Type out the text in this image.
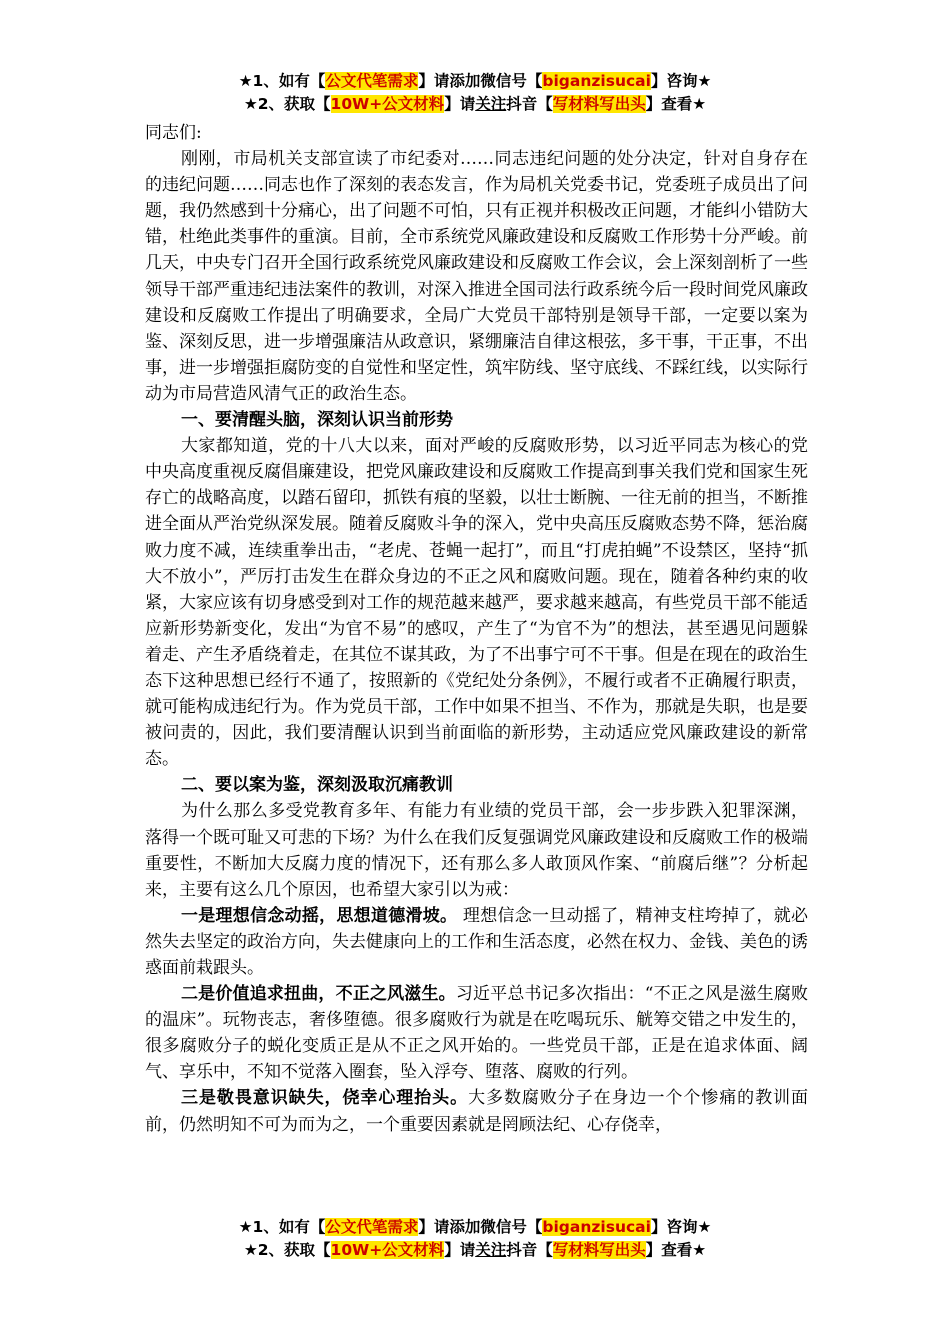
★1、如有【公文代笔需求】请添加微信号【biganzisucai】咨询★
★2、获取【10W+公文材料】请关注抖音【写材料写出头】查看★

同志们:

刚刚，市局机关支部宣读了市纪委对……同志违纪问题的处分决定，针对自身存在的违纪问题……同志也作了深刻的表态发言，作为局机关党委书记，党委班子成员出了问题，我仍然感到十分痛心，出了问题不可怕，只有正视并积极改正问题，才能纠小错防大错，杜绝此类事件的重演。目前，全市系统党风廉政建设和反腐败工作形势十分严峻。前几天，中央专门召开全国行政系统党风廉政建设和反腐败工作会议，会上深刻剖析了一些领导干部严重违纪违法案件的教训，对深入推进全国司法行政系统今后一段时间党风廉政建设和反腐败工作提出了明确要求，全局广大党员干部特别是领导干部，一定要以案为鉴、深刻反思，进一步增强廉洁从政意识，紧绷廉洁自律这根弦，多干事，干正事，不出事，进一步增强拒腐防变的自觉性和坚定性，筑牢防线、坚守底线、不踩红线，以实际行动为市局营造风清气正的政治生态。

一、要清醒头脑，深刻认识当前形势

大家都知道，党的十八大以来，面对严峻的反腐败形势，以习近平同志为核心的党中央高度重视反腐倡廉建设，把党风廉政建设和反腐败工作提高到事关我们党和国家生死存亡的战略高度，以踏石留印，抓铁有痕的坚毅，以壮士断腕、一往无前的担当，不断推进全面从严治党纵深发展。随着反腐败斗争的深入，党中央高压反腐败态势不降，惩治腐败力度不减，连续重拳出击，“老虎、苍蝇一起打”，而且“打虎拍蝇”不设禁区，坚持“抓大不放小”，严厉打击发生在群众身边的不正之风和腐败问题。现在，随着各种约束的收紧，大家应该有切身感受到对工作的规范越来越严，要求越来越高，有些党员干部不能适应新形势新变化，发出“为官不易”的感叹，产生了“为官不为”的想法，甚至遇见问题躲着走、产生矛盾绕着走，在其位不谋其政，为了不出事宁可不干事。但是在现在的政治生态下这种思想已经行不通了，按照新的《党纪处分条例》，不履行或者不正确履行职责，就可能构成违纪行为。作为党员干部，工作中如果不担当、不作为，那就是失职，也是要被问责的，因此，我们要清醒认识到当前面临的新形势，主动适应党风廉政建设的新常态。

二、要以案为鉴，深刻汲取沉痛教训

为什么那么多受党教育多年、有能力有业绩的党员干部，会一步步跌入犯罪深渊，落得一个既可耻又可悲的下场？为什么在我们反复强调党风廉政建设和反腐败工作的极端重要性，不断加大反腐力度的情况下，还有那么多人敢顶风作案、“前腐后继”？分析起来，主要有这么几个原因，也希望大家引以为戒：

一是理想信念动摇，思想道德滑坡。 理想信念一旦动摇了，精神支柱垮掉了，就必然失去坚定的政治方向，失去健康向上的工作和生活态度，必然在权力、金钱、美色的诱惑面前栽跟头。

二是价值追求扭曲，不正之风滋生。习近平总书记多次指出：“不正之风是滋生腐败的温床”。玩物丧志，奢侈堕德。很多腐败行为就是在吃喝玩乐、觥筹交错之中发生的，很多腐败分子的蜕化变质正是从不正之风开始的。一些党员干部，正是在追求体面、阔气、享乐中，不知不觉落入圈套，坠入浮夸、堕落、腐败的行列。

三是敬畏意识缺失，侥幸心理抬头。大多数腐败分子在身边一个个惨痛的教训面前，仍然明知不可为而为之，一个重要因素就是罔顾法纪、心存侥幸，

★1、如有【公文代笔需求】请添加微信号【biganzisucai】咨询★
★2、获取【10W+公文材料】请关注抖音【写材料写出头】查看★
